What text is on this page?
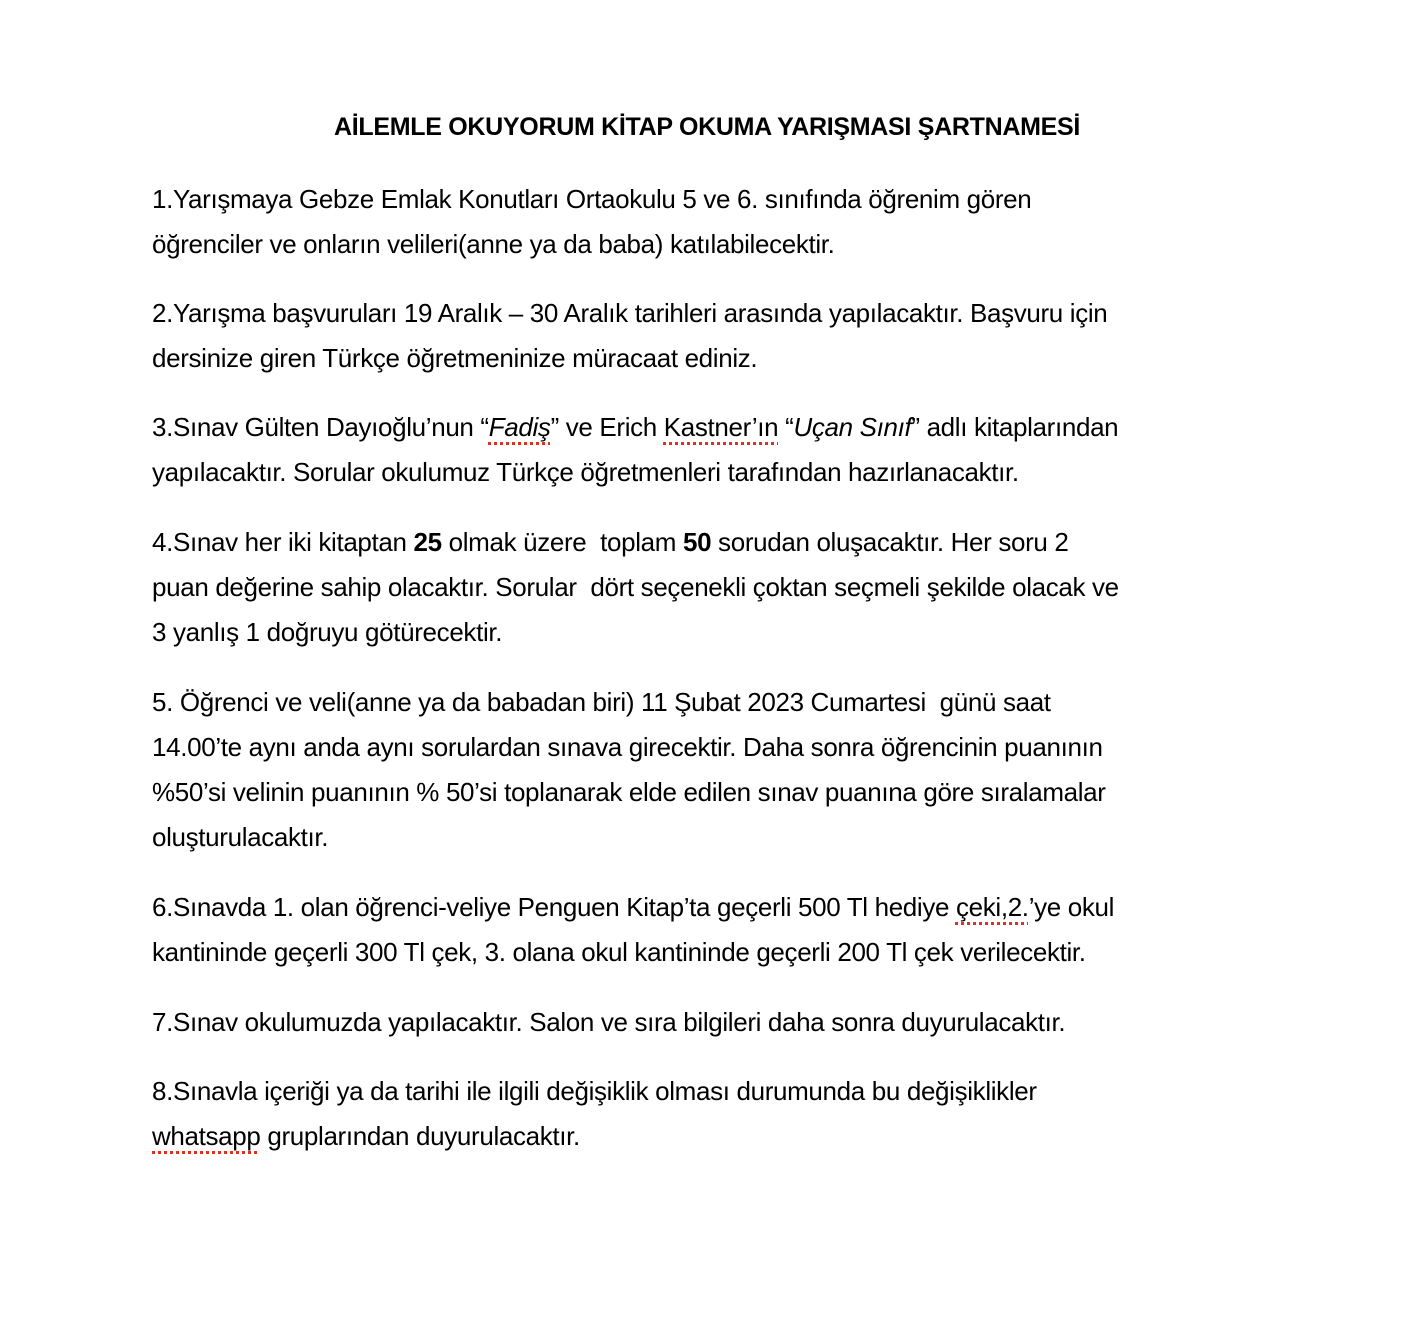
AİLEMLE OKUYORUM KİTAP OKUMA YARIŞMASI ŞARTNAMESİ
1.Yarışmaya Gebze Emlak Konutları Ortaokulu 5 ve 6. sınıfında öğrenim gören
öğrenciler ve onların velileri(anne ya da baba) katılabilecektir.
2.Yarışma başvuruları 19 Aralık – 30 Aralık tarihleri arasında yapılacaktır. Başvuru için
dersinize giren Türkçe öğretmeninize müracaat ediniz.
3.Sınav Gülten Dayıoğlu’nun “Fadiş” ve Erich Kastner’ın “Uçan Sınıf” adlı kitaplarından
yapılacaktır. Sorular okulumuz Türkçe öğretmenleri tarafından hazırlanacaktır.
4.Sınav her iki kitaptan 25 olmak üzere  toplam 50 sorudan oluşacaktır. Her soru 2
puan değerine sahip olacaktır. Sorular  dört seçenekli çoktan seçmeli şekilde olacak ve
3 yanlış 1 doğruyu götürecektir.
5. Öğrenci ve veli(anne ya da babadan biri) 11 Şubat 2023 Cumartesi  günü saat
14.00’te aynı anda aynı sorulardan sınava girecektir. Daha sonra öğrencinin puanının
%50’si velinin puanının % 50’si toplanarak elde edilen sınav puanına göre sıralamalar
oluşturulacaktır.
6.Sınavda 1. olan öğrenci-veliye Penguen Kitap’ta geçerli 500 Tl hediye çeki,2.’ye okul
kantininde geçerli 300 Tl çek, 3. olana okul kantininde geçerli 200 Tl çek verilecektir.
7.Sınav okulumuzda yapılacaktır. Salon ve sıra bilgileri daha sonra duyurulacaktır.
8.Sınavla içeriği ya da tarihi ile ilgili değişiklik olması durumunda bu değişiklikler
whatsapp gruplarından duyurulacaktır.
